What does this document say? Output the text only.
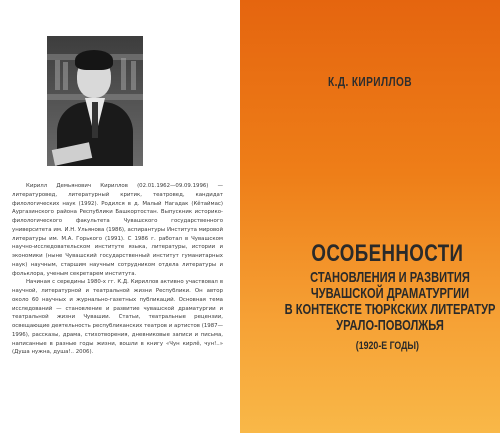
Кирилл Демьянович Кириллов (02.01.1962—09.09.1996) — литературовед, литературный критик, театровед, кандидат филологических наук (1992). Родился в д. Малый Нагадак (Кĕтаймас) Аургазинского района Республики Башкортостан. Выпускник историко-филологического факультета Чувашского государственного университета им. И.Н. Ульянова (1986), аспирантуры Института мировой литературы им. М.А. Горького (1991). С 1986 г. работал в Чувашском научно-исследовательском институте языка, литературы, истории и экономики (ныне Чувашский государственный институт гуманитарных наук) научным, старшим научным сотрудником отдела литературы и фольклора, ученым секретарем института.

Начиная с середины 1980-х гг. К.Д. Кириллов активно участвовал в научной, литературной и театральной жизни Республики. Он автор около 60 научных и журнально-газетных публикаций. Основная тема исследований — становление и развитие чувашской драматургии и театральной жизни Чувашии. Статьи, театральные рецензии, освещающие деятельность республиканских театров и артистов (1987—1996), рассказы, драма, стихотворения, дневниковые записи и письма, написанные в разные годы жизни, вошли в книгу «Чун кирлĕ, чун!..» (Душа нужна, душа!.. 2006).

К.Д. КИРИЛЛОВ
ОСОБЕННОСТИ
СТАНОВЛЕНИЯ И РАЗВИТИЯ
ЧУВАШСКОЙ ДРАМАТУРГИИ
В КОНТЕКСТЕ ТЮРКСКИХ ЛИТЕРАТУР
УРАЛО-ПОВОЛЖЬЯ
(1920-Е ГОДЫ)
